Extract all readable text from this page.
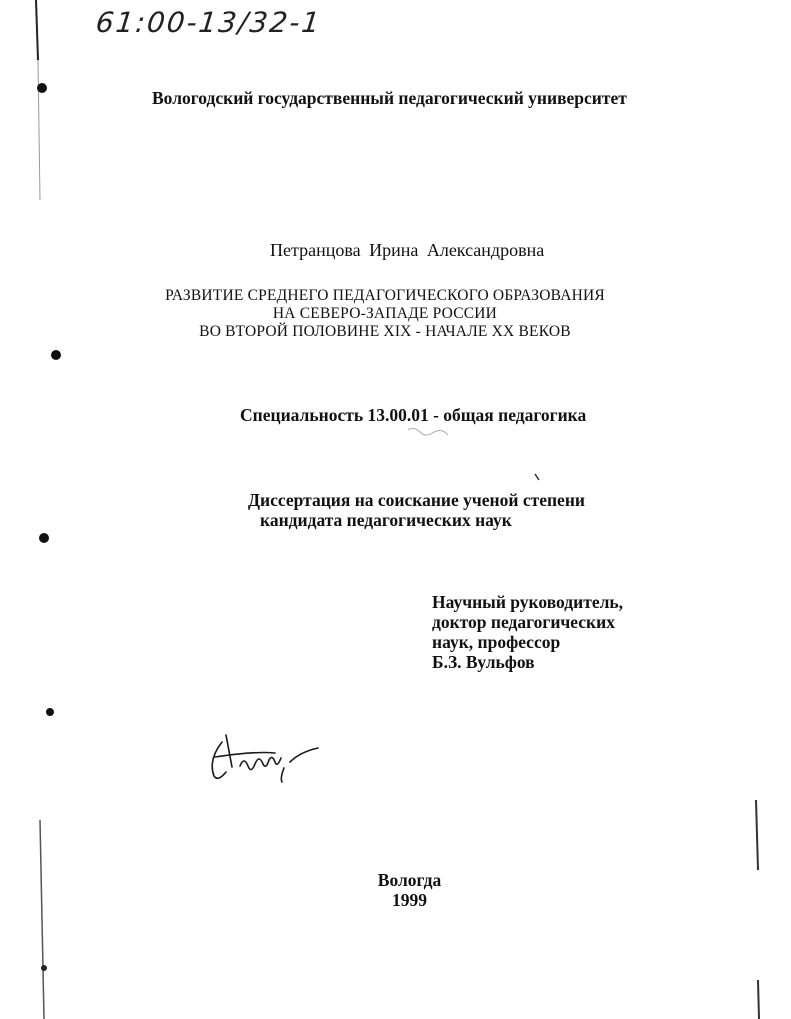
61:00-13/32-1
Вологодский государственный педагогический университет
Петранцова Ирина Александровна
РАЗВИТИЕ СРЕДНЕГО ПЕДАГОГИЧЕСКОГО ОБРАЗОВАНИЯ
НА СЕВЕРО-ЗАПАДЕ РОССИИ
ВО ВТОРОЙ ПОЛОВИНЕ XIX - НАЧАЛЕ XX ВЕКОВ
Специальность 13.00.01 - общая педагогика
Диссертация на соискание ученой степени
кандидата педагогических наук
Научный руководитель,
доктор педагогических
наук, профессор
Б.З. Вульфов
Вологда
1999
